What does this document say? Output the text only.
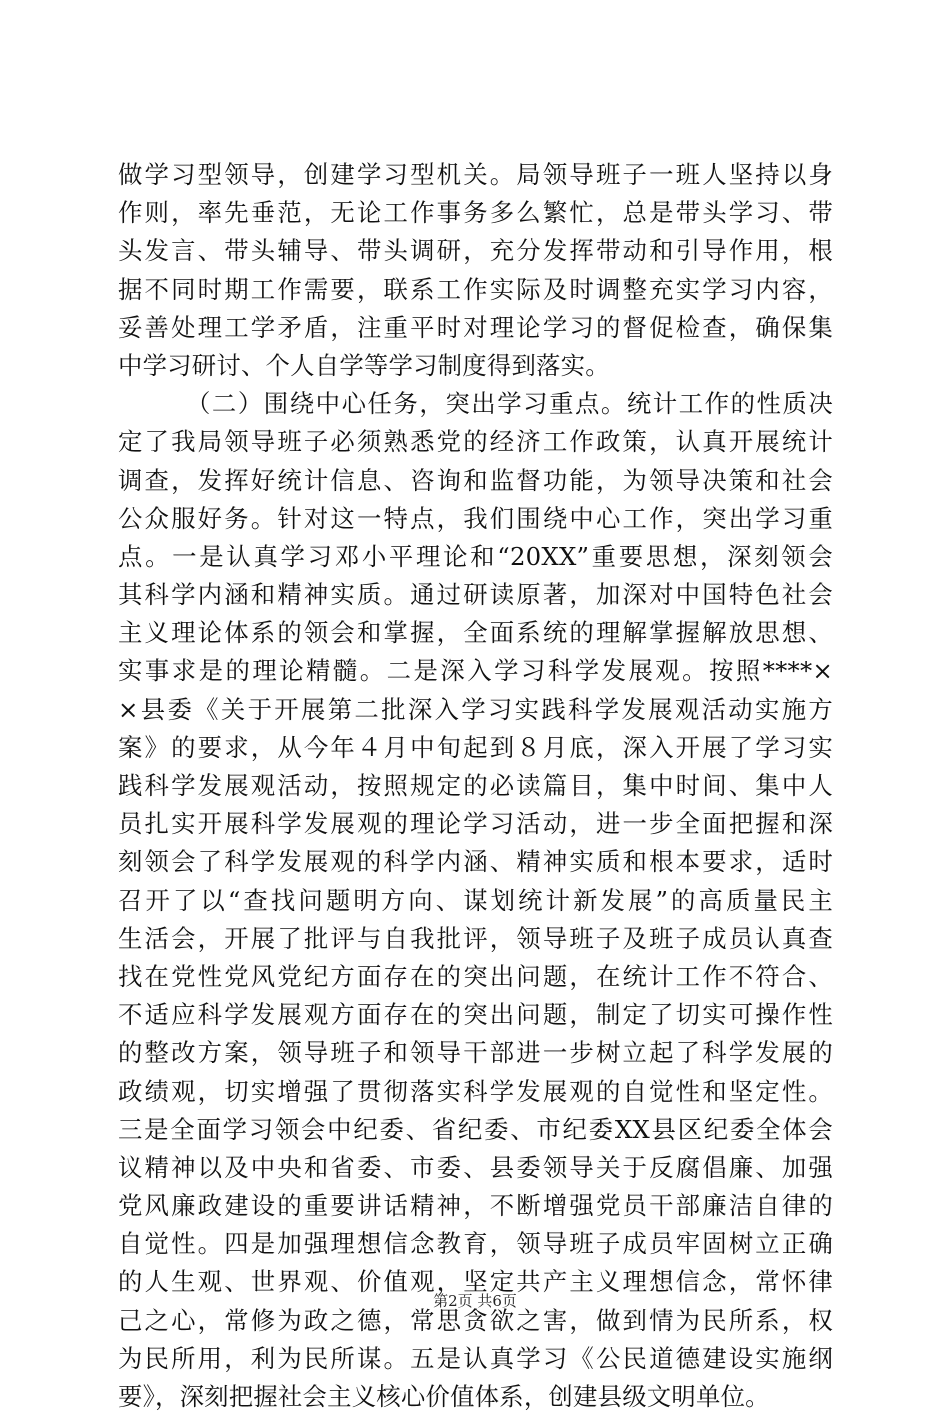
做学习型领导，创建学习型机关。局领导班子一班人坚持以身
作则，率先垂范，无论工作事务多么繁忙，总是带头学习、带
头发言、带头辅导、带头调研，充分发挥带动和引导作用，根
据不同时期工作需要，联系工作实际及时调整充实学习内容，
妥善处理工学矛盾，注重平时对理论学习的督促检查，确保集
中学习研讨、个人自学等学习制度得到落实。
（二）围绕中心任务，突出学习重点。统计工作的性质决
定了我局领导班子必须熟悉党的经济工作政策，认真开展统计
调查，发挥好统计信息、咨询和监督功能，为领导决策和社会
公众服好务。针对这一特点，我们围绕中心工作，突出学习重
点。一是认真学习邓小平理论和“20XX”重要思想，深刻领会
其科学内涵和精神实质。通过研读原著，加深对中国特色社会
主义理论体系的领会和掌握，全面系统的理解掌握解放思想、
实事求是的理论精髓。二是深入学习科学发展观。按照****×
×县委《关于开展第二批深入学习实践科学发展观活动实施方
案》的要求，从今年４月中旬起到８月底，深入开展了学习实
践科学发展观活动，按照规定的必读篇目，集中时间、集中人
员扎实开展科学发展观的理论学习活动，进一步全面把握和深
刻领会了科学发展观的科学内涵、精神实质和根本要求，适时
召开了以“查找问题明方向、谋划统计新发展”的高质量民主
生活会，开展了批评与自我批评，领导班子及班子成员认真查
找在党性党风党纪方面存在的突出问题，在统计工作不符合、
不适应科学发展观方面存在的突出问题，制定了切实可操作性
的整改方案，领导班子和领导干部进一步树立起了科学发展的
政绩观，切实增强了贯彻落实科学发展观的自觉性和坚定性。
三是全面学习领会中纪委、省纪委、市纪委XX县区纪委全体会
议精神以及中央和省委、市委、县委领导关于反腐倡廉、加强
党风廉政建设的重要讲话精神，不断增强党员干部廉洁自律的
自觉性。四是加强理想信念教育，领导班子成员牢固树立正确
的人生观、世界观、价值观，坚定共产主义理想信念，常怀律
己之心，常修为政之德，常思贪欲之害，做到情为民所系，权
为民所用，利为民所谋。五是认真学习《公民道德建设实施纲
要》，深刻把握社会主义核心价值体系，创建县级文明单位。
第2页 共6页
